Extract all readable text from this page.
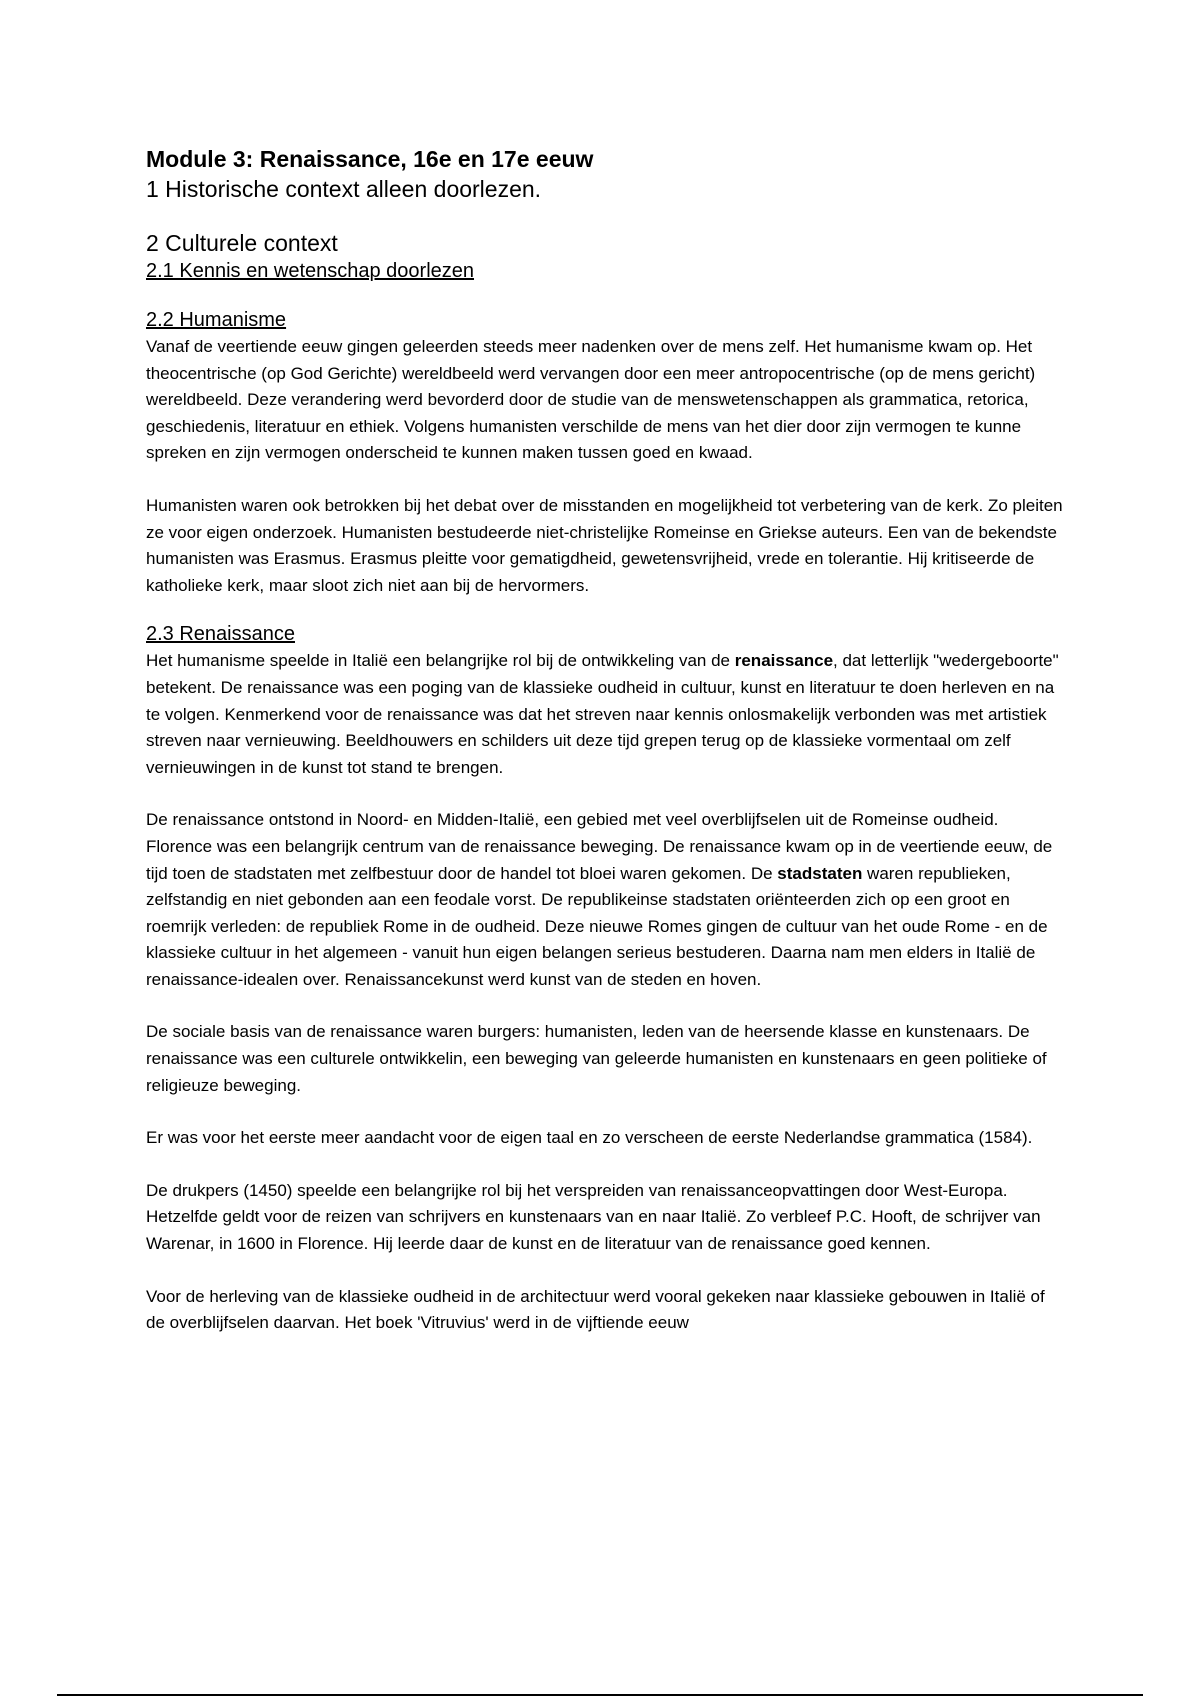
Module 3: Renaissance, 16e en 17e eeuw
1 Historische context alleen doorlezen.
2 Culturele context
2.1 Kennis en wetenschap doorlezen
2.2 Humanisme

Vanaf de veertiende eeuw gingen geleerden steeds meer nadenken over de mens zelf. Het humanisme kwam op. Het theocentrische (op God Gerichte) wereldbeeld werd vervangen door een meer antropocentrische (op de mens gericht) wereldbeeld. Deze verandering werd bevorderd door de studie van de menswetenschappen als grammatica, retorica, geschiedenis, literatuur en ethiek. Volgens humanisten verschilde de mens van het dier door zijn vermogen te kunne spreken en zijn vermogen onderscheid te kunnen maken tussen goed en kwaad.

Humanisten waren ook betrokken bij het debat over de misstanden en mogelijkheid tot verbetering van de kerk. Zo pleiten ze voor eigen onderzoek. Humanisten bestudeerde niet-christelijke Romeinse en Griekse auteurs. Een van de bekendste humanisten was Erasmus. Erasmus pleitte voor gematigdheid, gewetensvrijheid, vrede en tolerantie. Hij kritiseerde de katholieke kerk, maar sloot zich niet aan bij de hervormers.

2.3 Renaissance

Het humanisme speelde in Italië een belangrijke rol bij de ontwikkeling van de renaissance, dat letterlijk "wedergeboorte" betekent. De renaissance was een poging van de klassieke oudheid in cultuur, kunst en literatuur te doen herleven en na te volgen. Kenmerkend voor de renaissance was dat het streven naar kennis onlosmakelijk verbonden was met artistiek streven naar vernieuwing. Beeldhouwers en schilders uit deze tijd grepen terug op de klassieke vormentaal om zelf vernieuwingen in de kunst tot stand te brengen.

De renaissance ontstond in Noord- en Midden-Italië, een gebied met veel overblijfselen uit de Romeinse oudheid. Florence was een belangrijk centrum van de renaissance beweging. De renaissance kwam op in de veertiende eeuw, de tijd toen de stadstaten met zelfbestuur door de handel tot bloei waren gekomen. De stadstaten waren republieken, zelfstandig en niet gebonden aan een feodale vorst. De republikeinse stadstaten oriënteerden zich op een groot en roemrijk verleden: de republiek Rome in de oudheid. Deze nieuwe Romes gingen de cultuur van het oude Rome - en de klassieke cultuur in het algemeen - vanuit hun eigen belangen serieus bestuderen. Daarna nam men elders in Italië de renaissance-idealen over. Renaissancekunst werd kunst van de steden en hoven.

De sociale basis van de renaissance waren burgers: humanisten, leden van de heersende klasse en kunstenaars. De renaissance was een culturele ontwikkelin, een beweging van geleerde humanisten en kunstenaars en geen politieke of religieuze beweging.

Er was voor het eerste meer aandacht voor de eigen taal en zo verscheen de eerste Nederlandse grammatica (1584).

De drukpers (1450) speelde een belangrijke rol bij het verspreiden van renaissanceopvattingen door West-Europa. Hetzelfde geldt voor de reizen van schrijvers en kunstenaars van en naar Italië. Zo verbleef P.C. Hooft, de schrijver van Warenar, in 1600 in Florence. Hij leerde daar de kunst en de literatuur van de renaissance goed kennen.

Voor de herleving van de klassieke oudheid in de architectuur werd vooral gekeken naar klassieke gebouwen in Italië of de overblijfselen daarvan. Het boek 'Vitruvius' werd in de vijftiende eeuw
